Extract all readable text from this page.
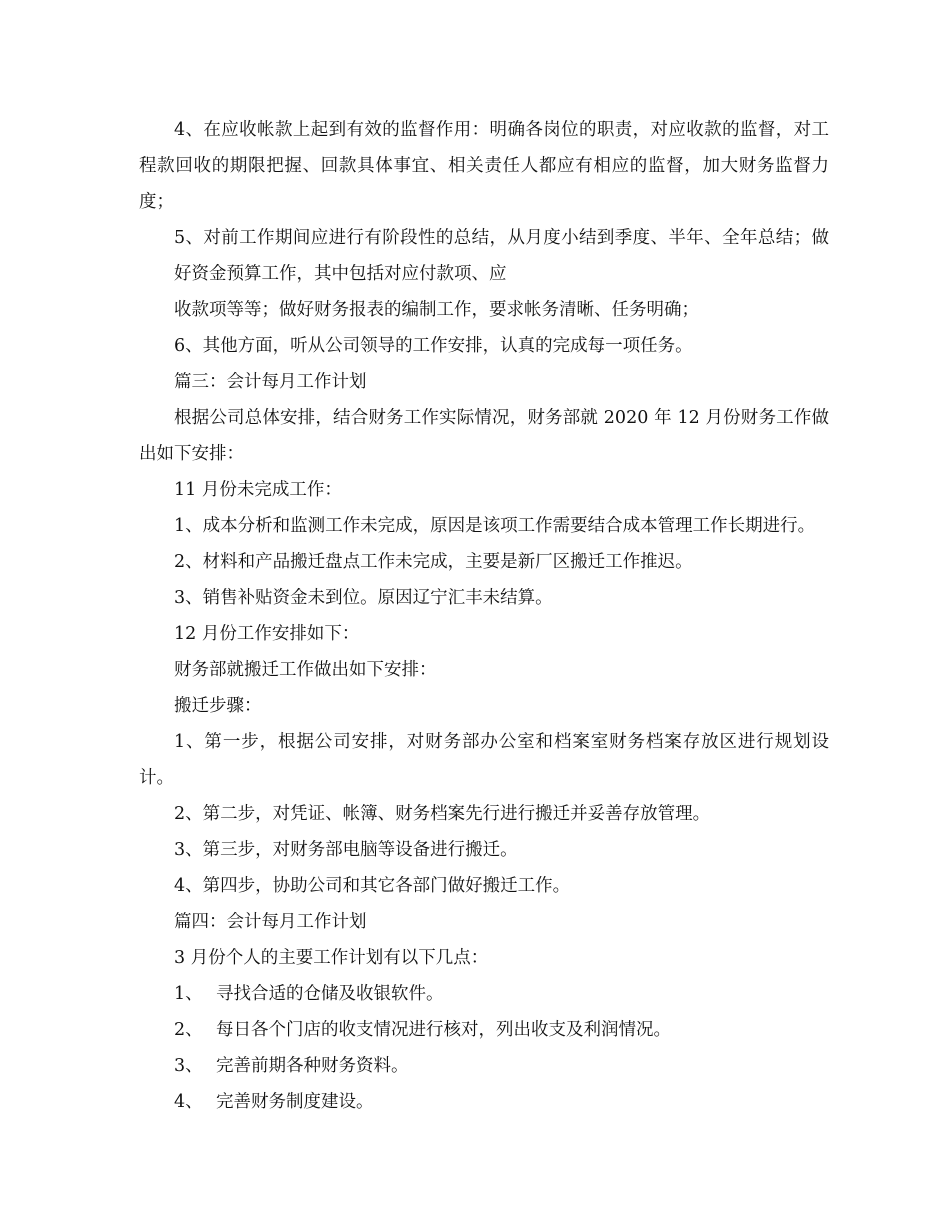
4、在应收帐款上起到有效的监督作用：明确各岗位的职责，对应收款的监督，对工程款回收的期限把握、回款具体事宜、相关责任人都应有相应的监督，加大财务监督力度；

5、对前工作期间应进行有阶段性的总结，从月度小结到季度、半年、全年总结；做好资金预算工作，其中包括对应付款项、应
收款项等等；做好财务报表的编制工作，要求帐务清晰、任务明确；
6、其他方面，听从公司领导的工作安排，认真的完成每一项任务。
篇三：会计每月工作计划

根据公司总体安排，结合财务工作实际情况，财务部就 2020 年 12 月份财务工作做出如下安排：

11 月份未完成工作：

1、成本分析和监测工作未完成，原因是该项工作需要结合成本管理工作长期进行。

2、材料和产品搬迁盘点工作未完成，主要是新厂区搬迁工作推迟。
3、销售补贴资金未到位。原因辽宁汇丰未结算。
12 月份工作安排如下：
财务部就搬迁工作做出如下安排：
搬迁步骤：

1、第一步，根据公司安排，对财务部办公室和档案室财务档案存放区进行规划设计。

2、第二步，对凭证、帐簿、财务档案先行进行搬迁并妥善存放管理。
3、第三步，对财务部电脑等设备进行搬迁。
4、第四步，协助公司和其它各部门做好搬迁工作。
篇四：会计每月工作计划
3 月份个人的主要工作计划有以下几点：
1、 寻找合适的仓储及收银软件。
2、 每日各个门店的收支情况进行核对，列出收支及利润情况。
3、 完善前期各种财务资料。
4、 完善财务制度建设。
